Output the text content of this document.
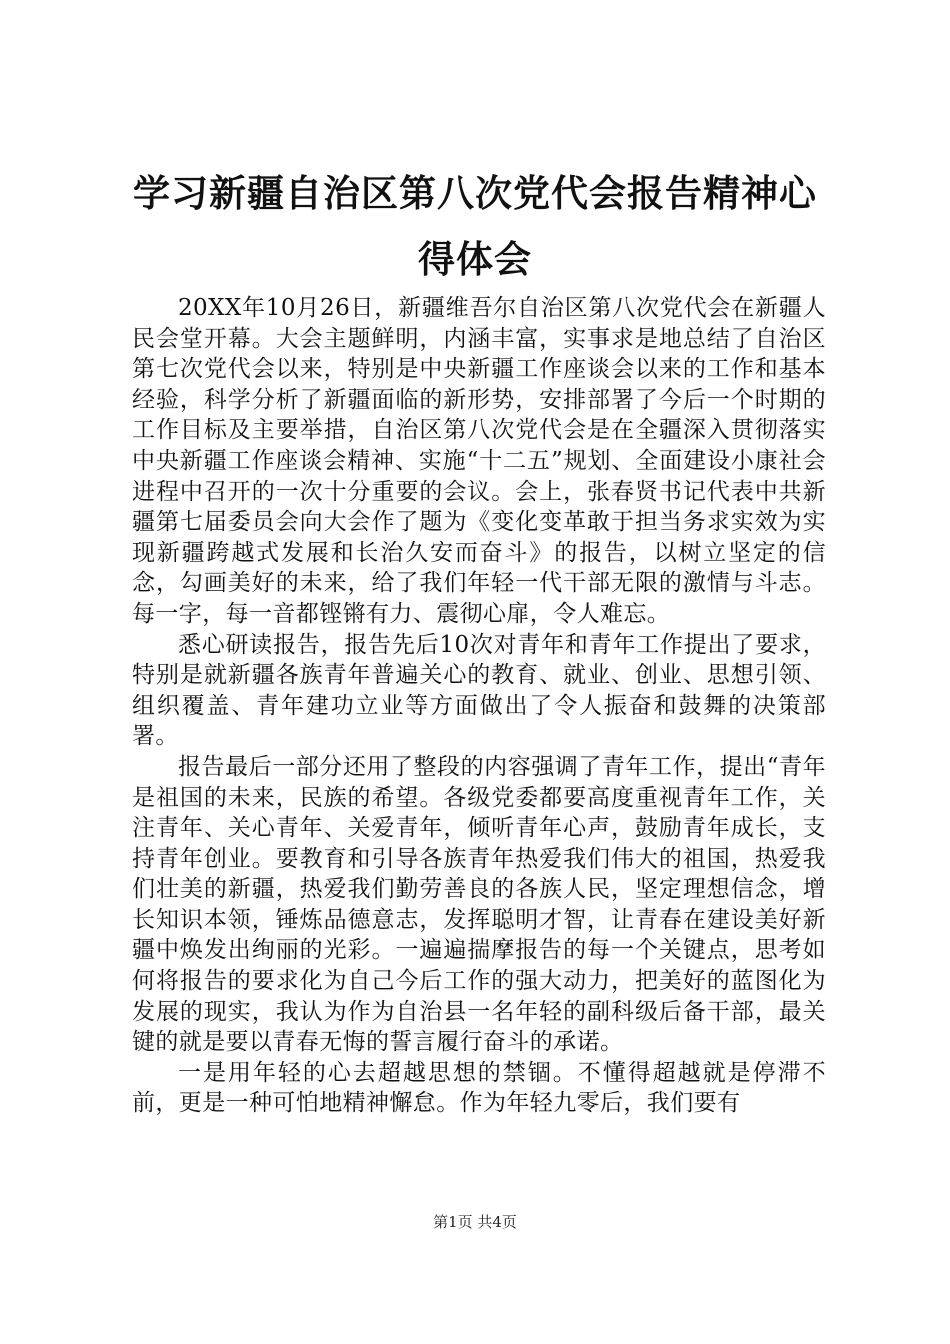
学习新疆自治区第八次党代会报告精神心得体会

20XX年10月26日，新疆维吾尔自治区第八次党代会在新疆人民会堂开幕。大会主题鲜明，内涵丰富，实事求是地总结了自治区第七次党代会以来，特别是中央新疆工作座谈会以来的工作和基本经验，科学分析了新疆面临的新形势，安排部署了今后一个时期的工作目标及主要举措，自治区第八次党代会是在全疆深入贯彻落实中央新疆工作座谈会精神、实施“十二五”规划、全面建设小康社会进程中召开的一次十分重要的会议。会上，张春贤书记代表中共新疆第七届委员会向大会作了题为《变化变革敢于担当务求实效为实现新疆跨越式发展和长治久安而奋斗》的报告，以树立坚定的信念，勾画美好的未来，给了我们年轻一代干部无限的激情与斗志。每一字，每一音都铿锵有力、震彻心扉，令人难忘。

悉心研读报告，报告先后10次对青年和青年工作提出了要求，特别是就新疆各族青年普遍关心的教育、就业、创业、思想引领、组织覆盖、青年建功立业等方面做出了令人振奋和鼓舞的决策部署。

报告最后一部分还用了整段的内容强调了青年工作，提出“青年是祖国的未来，民族的希望。各级党委都要高度重视青年工作，关注青年、关心青年、关爱青年，倾听青年心声，鼓励青年成长，支持青年创业。要教育和引导各族青年热爱我们伟大的祖国，热爱我们壮美的新疆，热爱我们勤劳善良的各族人民，坚定理想信念，增长知识本领，锤炼品德意志，发挥聪明才智，让青春在建设美好新疆中焕发出绚丽的光彩。一遍遍揣摩报告的每一个关键点，思考如何将报告的要求化为自己今后工作的强大动力，把美好的蓝图化为发展的现实，我认为作为自治县一名年轻的副科级后备干部，最关键的就是要以青春无悔的誓言履行奋斗的承诺。

一是用年轻的心去超越思想的禁锢。不懂得超越就是停滞不前，更是一种可怕地精神懈怠。作为年轻九零后，我们要有

第1页 共4页
